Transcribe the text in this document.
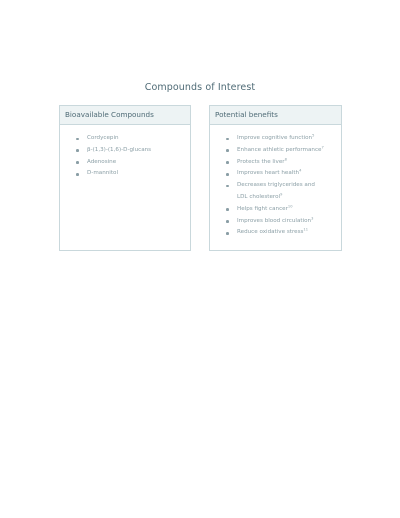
Compounds of Interest
Bioavailable Compounds
Cordycepin
β-(1,3)-(1,6)-D-glucans
Adenosine
D-mannitol
Potential benefits
Improve cognitive function$^5$
Enhance athletic performance$^7$
Protects the liver$^8$
Improves heart health$^4$
Decreases triglycerides and
LDL cholesterol$^9$
Helps fight cancer$^{10}$
Improves blood circulation$^3$
Reduce oxidative stress$^{11}$
